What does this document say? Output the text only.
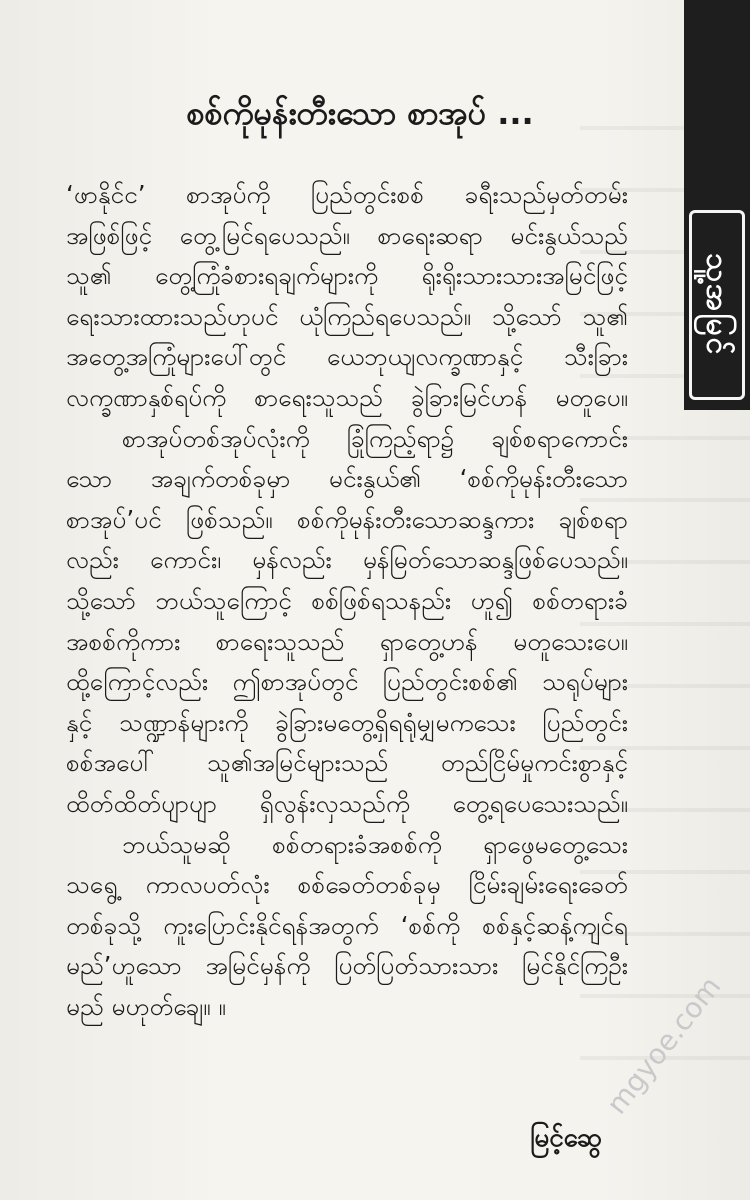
သူ့အမြင်
စစ်ကိုမုန်းတီးသော စာအုပ် ...
‘ဖာနိုင်င’ စာအုပ်ကို ပြည်တွင်းစစ် ခရီးသည်မှတ်တမ်း
အဖြစ်ဖြင့် တွေ့မြင်ရပေသည်။ စာရေးဆရာ မင်းနွယ်သည်
သူ၏ တွေ့ကြုံခံစားရချက်များကို ရိုးရိုးသားသားအမြင်ဖြင့်
ရေးသားထားသည်ဟုပင် ယုံကြည်ရပေသည်။ သို့သော် သူ၏
အတွေ့အကြုံများပေါ်တွင် ယေဘုယျလက္ခဏာနှင့် သီးခြား
လက္ခဏာနှစ်ရပ်ကို စာရေးသူသည် ခွဲခြားမြင်ဟန် မတူပေ။
စာအုပ်တစ်အုပ်လုံးကို ခြုံကြည့်ရာ၌ ချစ်စရာကောင်း
သော အချက်တစ်ခုမှာ မင်းနွယ်၏ ‘စစ်ကိုမုန်းတီးသော
စာအုပ်’ပင် ဖြစ်သည်။ စစ်ကိုမုန်းတီးသောဆန္ဒကား ချစ်စရာ
လည်း ကောင်း၊ မှန်လည်း မှန်မြတ်သောဆန္ဒဖြစ်ပေသည်။
သို့သော် ဘယ်သူကြောင့် စစ်ဖြစ်ရသနည်း ဟူ၍ စစ်တရားခံ
အစစ်ကိုကား စာရေးသူသည် ရှာတွေ့ဟန် မတူသေးပေ။
ထို့ကြောင့်လည်း ဤစာအုပ်တွင် ပြည်တွင်းစစ်၏ သရုပ်များ
နှင့် သဏ္ဍာန်များကို ခွဲခြားမတွေ့ရှိရရုံမျှမကသေး ပြည်တွင်း
စစ်အပေါ် သူ၏အမြင်များသည် တည်ငြိမ်မှုကင်းစွာနှင့်
ထိတ်ထိတ်ပျာပျာ ရှိလွန်းလှသည်ကို တွေ့ရပေသေးသည်။
ဘယ်သူမဆို စစ်တရားခံအစစ်ကို ရှာဖွေမတွေ့သေး
သရွေ့ ကာလပတ်လုံး စစ်ခေတ်တစ်ခုမှ ငြိမ်းချမ်းရေးခေတ်
တစ်ခုသို့ ကူးပြောင်းနိုင်ရန်အတွက် ‘စစ်ကို စစ်နှင့်ဆန့်ကျင်ရ
မည်’ဟူသော အမြင်မှန်ကို ပြတ်ပြတ်သားသား မြင်နိုင်ကြဦး
မည် မဟုတ်ချေ။ ။
မြင့်ဆွေ
mgyoe.com
